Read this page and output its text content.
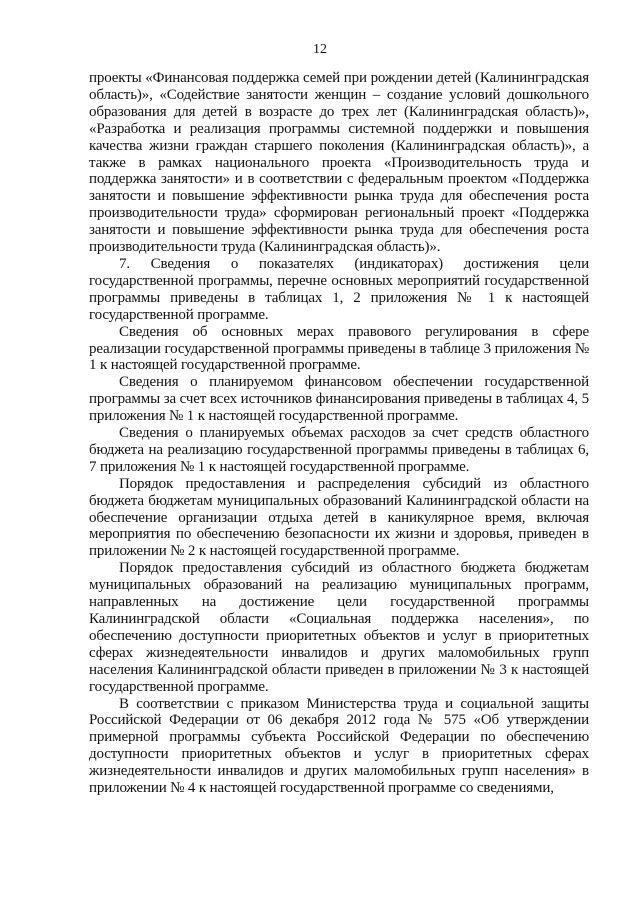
12

проекты «Финансовая поддержка семей при рождении детей (Калининградская область)», «Содействие занятости женщин – создание условий дошкольного образования для детей в возрасте до трех лет (Калининградская область)», «Разработка и реализация программы системной поддержки и повышения качества жизни граждан старшего поколения (Калининградская область)», а также в рамках национального проекта «Производительность труда и поддержка занятости» и в соответствии с федеральным проектом «Поддержка занятости и повышение эффективности рынка труда для обеспечения роста производительности труда» сформирован региональный проект «Поддержка занятости и повышение эффективности рынка труда для обеспечения роста производительности труда (Калининградская область)».

7. Сведения о показателях (индикаторах) достижения цели государственной программы, перечне основных мероприятий государственной программы приведены в таблицах 1, 2 приложения № 1 к настоящей государственной программе.

Сведения об основных мерах правового регулирования в сфере реализации государственной программы приведены в таблице 3 приложения № 1 к настоящей государственной программе.

Сведения о планируемом финансовом обеспечении государственной программы за счет всех источников финансирования приведены в таблицах 4, 5 приложения № 1 к настоящей государственной программе.

Сведения о планируемых объемах расходов за счет средств областного бюджета на реализацию государственной программы приведены в таблицах 6, 7 приложения № 1 к настоящей государственной программе.

Порядок предоставления и распределения субсидий из областного бюджета бюджетам муниципальных образований Калининградской области на обеспечение организации отдыха детей в каникулярное время, включая мероприятия по обеспечению безопасности их жизни и здоровья, приведен в приложении № 2 к настоящей государственной программе.

Порядок предоставления субсидий из областного бюджета бюджетам муниципальных образований на реализацию муниципальных программ, направленных на достижение цели государственной программы Калининградской области «Социальная поддержка населения», по обеспечению доступности приоритетных объектов и услуг в приоритетных сферах жизнедеятельности инвалидов и других маломобильных групп населения Калининградской области приведен в приложении № 3 к настоящей государственной программе.

В соответствии с приказом Министерства труда и социальной защиты Российской Федерации от 06 декабря 2012 года № 575 «Об утверждении примерной программы субъекта Российской Федерации по обеспечению доступности приоритетных объектов и услуг в приоритетных сферах жизнедеятельности инвалидов и других маломобильных групп населения» в приложении № 4 к настоящей государственной программе со сведениями,
